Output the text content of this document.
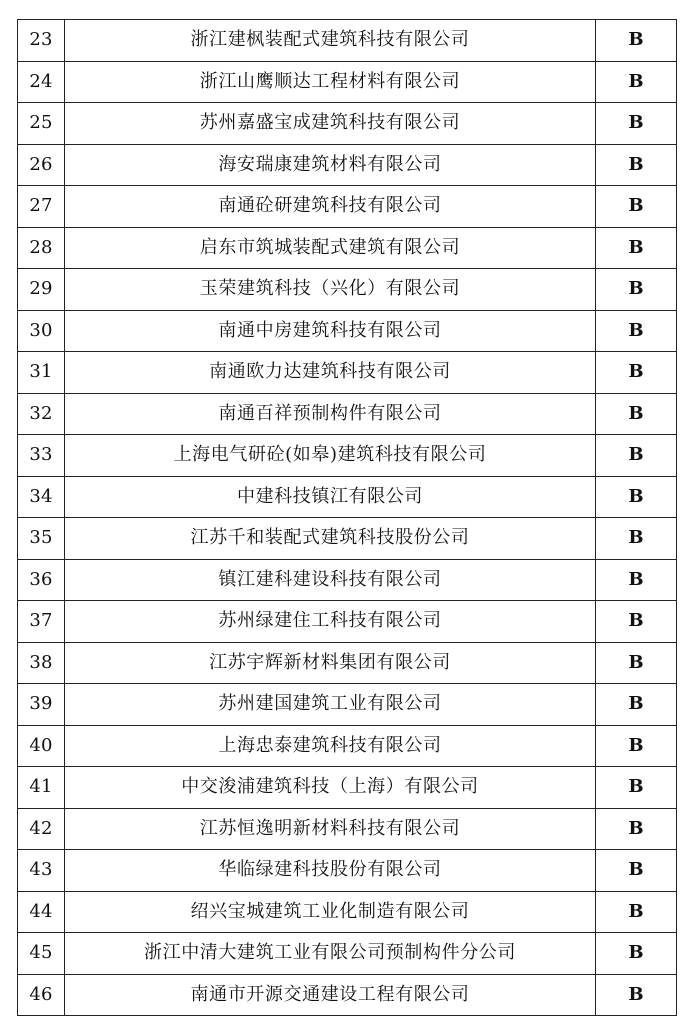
23	浙江建枫装配式建筑科技有限公司	B
24	浙江山鹰顺达工程材料有限公司	B
25	苏州嘉盛宝成建筑科技有限公司	B
26	海安瑞康建筑材料有限公司	B
27	南通砼研建筑科技有限公司	B
28	启东市筑城装配式建筑有限公司	B
29	玉荣建筑科技（兴化）有限公司	B
30	南通中房建筑科技有限公司	B
31	南通欧力达建筑科技有限公司	B
32	南通百祥预制构件有限公司	B
33	上海电气研砼(如皋)建筑科技有限公司	B
34	中建科技镇江有限公司	B
35	江苏千和装配式建筑科技股份公司	B
36	镇江建科建设科技有限公司	B
37	苏州绿建住工科技有限公司	B
38	江苏宇辉新材料集团有限公司	B
39	苏州建国建筑工业有限公司	B
40	上海忠泰建筑科技有限公司	B
41	中交浚浦建筑科技（上海）有限公司	B
42	江苏恒逸明新材料科技有限公司	B
43	华临绿建科技股份有限公司	B
44	绍兴宝城建筑工业化制造有限公司	B
45	浙江中清大建筑工业有限公司预制构件分公司	B
46	南通市开源交通建设工程有限公司	B
